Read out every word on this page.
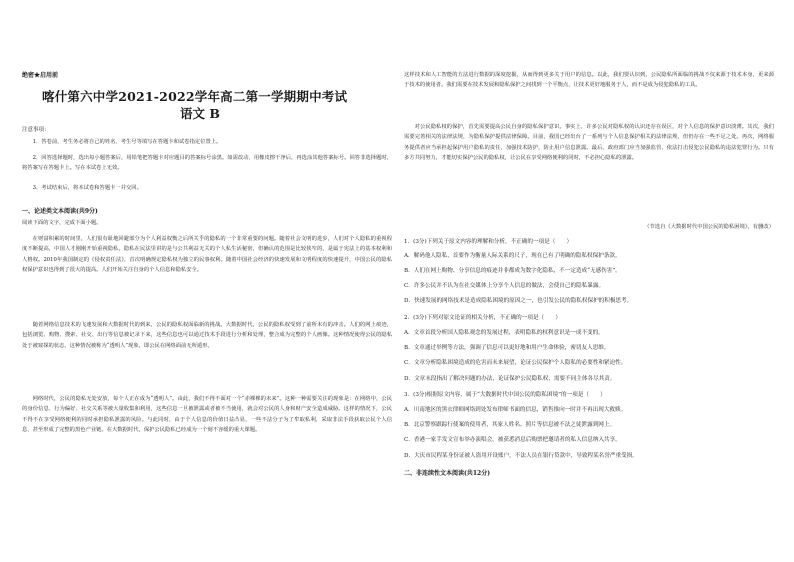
绝密★启用前
喀什第六中学2021-2022学年高二第一学期期中考试
语文 B
注意事项：
1．答卷前，考生务必将自己的姓名、考生号等填写在答题卡和试卷指定位置上。
2．回答选择题时，选出每小题答案后，用铅笔把答题卡对应题目的答案标号涂黑。如需改动，用橡皮擦干净后，再选涂其他答案标号。回答非选择题时，将答案写在答题卡上。写在本试卷上无效。
3．考试结束后，将本试卷和答题卡一并交回。
一、论述类文本阅读(共9分)
阅读下面的文字，完成下面小题。
在财富积累的时间里，人们很有耻地回避部分为个人利益权衡之后所关乎的隐私的一个非常重要的问题。随着社会文明的进步，人们对个人隐私的重视程度不断提高，中国人才刚刚开始重视隐私，隐私在民法里讲的是与公共利益无关的个人私生活秘密，但确认的范围是比较狭窄的，是属于宪法上的基本权利和人格权。2010年我国制定的《侵权责任法》，首次明确规定隐私权为独立的民事权利。随着中国社会经济的快速发展和文明程度的快速提升，中国公民的隐私权保护意识也得到了很大的提高。人们开始关注自身的个人信息和隐私安全。
随着网络信息技术的飞速发展和大数据时代的到来，公民的隐私权面临新的挑战。大数据时代，公民的隐私权受到了前所未有的冲击。人们的网上痕迹，包括浏览、购物、搜索、社交、出行等信息被记录下来，这些信息也可以通过技术手段进行分析和处理，整合成为完整的个人画像。这种情况使得公民的隐私处于被窥探的状态，这种情况被称为“透明人”现象，即公民在网络面前无所遁形。
网络时代，公民的隐私无处安放，每个人正在成为“透明人”。由此，我们不得不面对一个“赤裸裸的未来”。这种一种需要关注的现象是：在网络中，公民的身份信息、行为偏好、社交关系等被大量收集和利用，这些信息一旦被泄露或者被不当使用，就会对公民的人身和财产安全造成威胁。这样的情况下，公民不得不在享受网络便利的同时承担隐私泄露的风险。与此同时，由于个人信息的价值日益凸显，一些不法分子为了牟取私利，采取非法手段获取公民个人信息，甚至形成了完整的黑色产业链。在大数据时代，保护公民隐私已经成为一个刻不容缓的重大课题。
这样技术和人工智能的方法进行数据的深度挖掘，从而得到更多关于用户的信息。以此，我们要认识到，公民隐私所面临的挑战不仅来源于技术本身，更来源于技术的使用者。我们需要在技术发展和隐私保护之间找到一个平衡点，让技术更好地服务于人，而不是成为侵犯隐私的工具。
对公民隐私权的保护，首先需要提高公民自身的隐私保护意识。事实上，许多公民对隐私权的认识还存在误区，对个人信息的保护意识淡薄。其次，我们需要完善相关的法律法规，为隐私保护提供法律保障。目前，我国已经出台了一系列与个人信息保护相关的法律法规，但仍存在一些不足之处。再次，网络服务提供者应当承担起保护用户隐私的责任，加强技术防护，防止用户信息泄露。最后，政府部门应当加强监管，依法打击侵犯公民隐私的违法犯罪行为。只有多方共同努力，才能切实保护公民的隐私权，让公民在享受网络便利的同时，不必担心隐私的泄露。
（节选自《大数据时代中国公民的隐私困境》，有删改）
1．(3分)下列关于原文内容的理解和分析，不正确的一项是（　　）
A．解码他人隐私，首要作为衡量人际关系的尺子，现在已有了明确的隐私权保护条款。
B．人们在网上购物、分享信息的痕迹并非都成为数字化隐私，不一定造成“无感伤害”。
C．许多公民并不认为在社交媒体上分享个人信息的做法，会使自己的隐私暴露。
D．快速发展的网络技术是造成隐私困境的原因之一，也引发公民的隐私权保护的积极思考。
2．(3分)下列对原文论证的相关分析，不正确的一项是（　　）
A．文章首段分析国人隐私观念的发展过程，表明隐私的权利意识是一成不变的。
B．文章通过举例等方法，强调了信息可以更好地和用户生命体验，密切友人思维。
C．文章分析隐私困境造成的危害而未来展望，论证公民保护个人隐私的必要性和紧迫性。
D．文章末段指出了解决问题的办法，论证保护公民隐私权，需要不同主体各尽其责。
3．(3分)根据原文内容，属于“大数据时代中国公民的隐私困境”的一项是（　　）
A．川南地区的黑衣律师网络到处发布律师书面的信息，销售推向一时并不再出现大救赎。
B．北京警察跟踪行使案的使用者，其家人姓名、照片等信息被不法之徒泄露到网上。
C．香港一家手发文宣布举办演唱会，被获悉消息后购票把邀请者的私人信息纳入共享。
D．大庆市民程某身份证被人盗用开设账户，不法人员在银行贷款中，导致程某名誉严重受损。
二、非连续性文本阅读(共12分)
